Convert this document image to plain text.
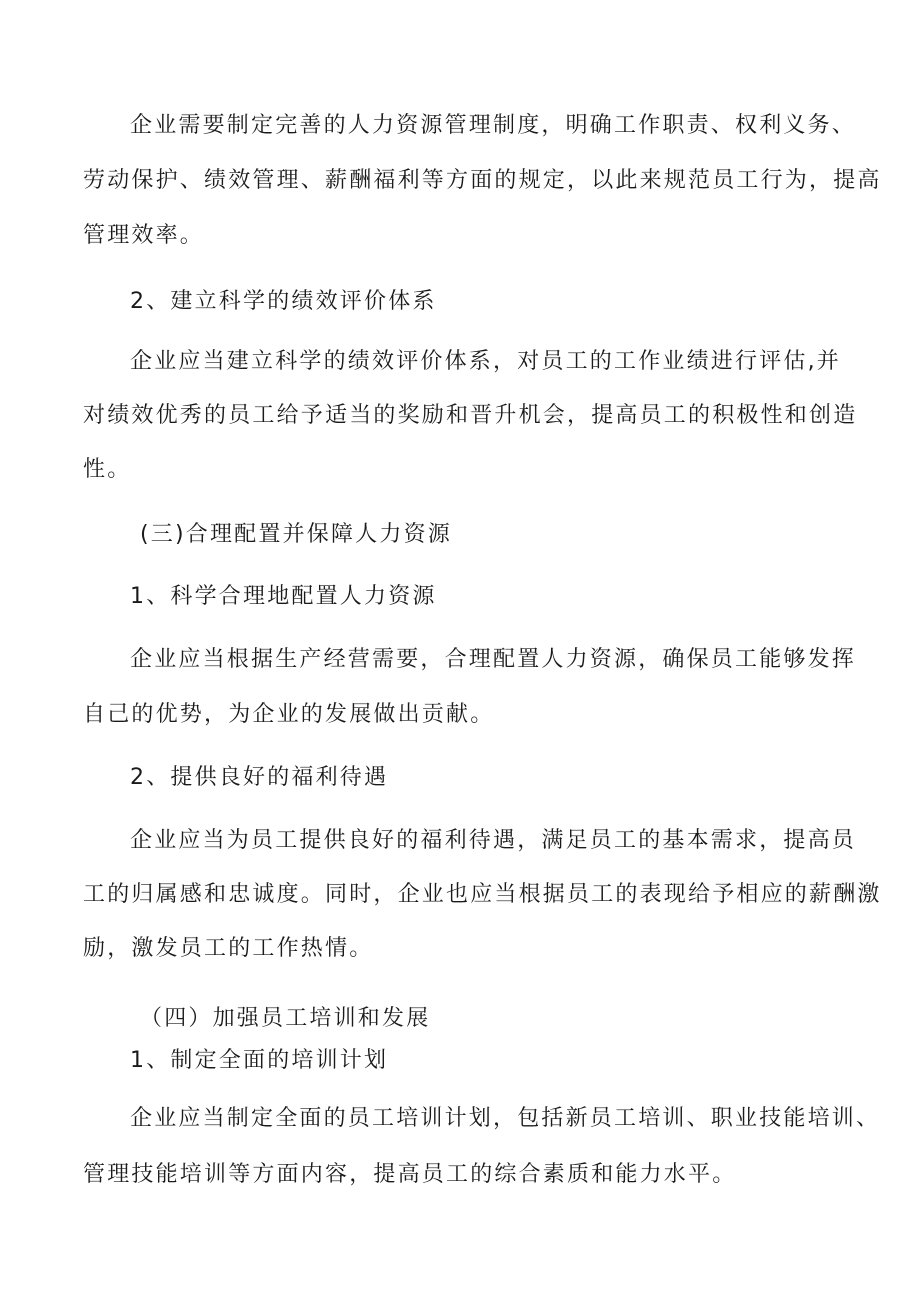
企业需要制定完善的人力资源管理制度，明确工作职责、权利义务、
劳动保护、绩效管理、薪酬福利等方面的规定，以此来规范员工行为，提高
管理效率。
2、建立科学的绩效评价体系
企业应当建立科学的绩效评价体系，对员工的工作业绩进行评估,并
对绩效优秀的员工给予适当的奖励和晋升机会，提高员工的积极性和创造
性。
(三)合理配置并保障人力资源
1、科学合理地配置人力资源
企业应当根据生产经营需要，合理配置人力资源，确保员工能够发挥
自己的优势，为企业的发展做出贡献。
2、提供良好的福利待遇
企业应当为员工提供良好的福利待遇，满足员工的基本需求，提高员
工的归属感和忠诚度。同时，企业也应当根据员工的表现给予相应的薪酬激
励，激发员工的工作热情。
（四）加强员工培训和发展
1、制定全面的培训计划
企业应当制定全面的员工培训计划，包括新员工培训、职业技能培训、
管理技能培训等方面内容，提高员工的综合素质和能力水平。
